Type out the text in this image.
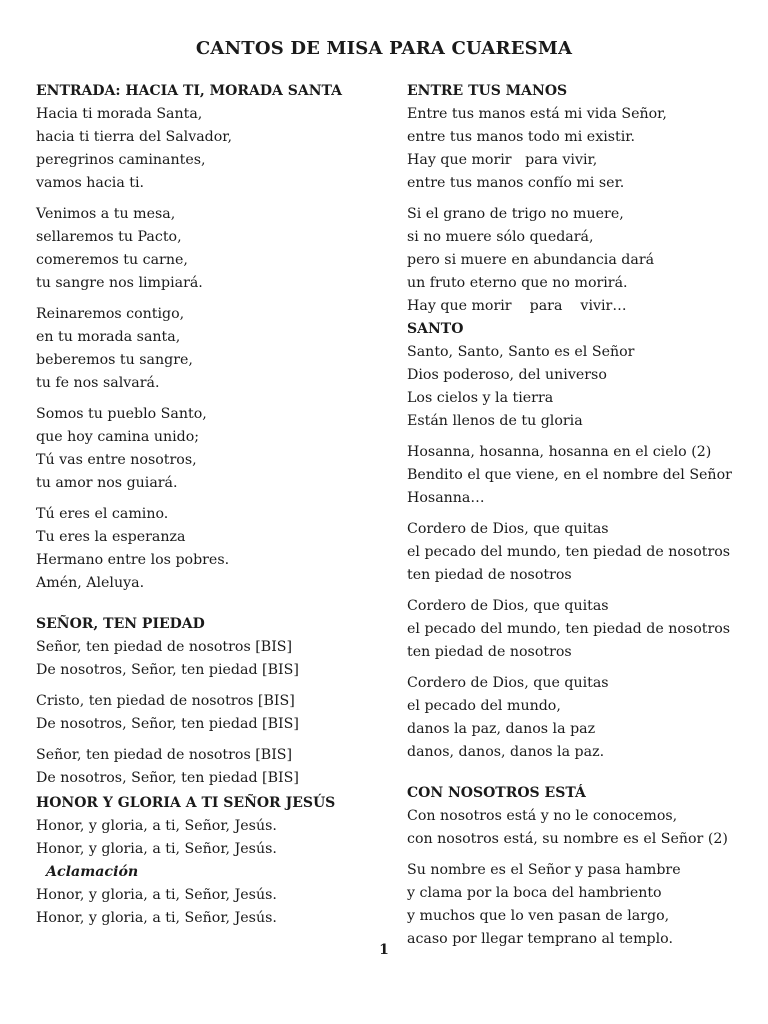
CANTOS DE MISA PARA CUARESMA
ENTRADA: HACIA TI, MORADA SANTA
Hacia ti morada Santa,
hacia ti tierra del Salvador,
peregrinos caminantes,
vamos hacia ti.
Venimos a tu mesa,
sellaremos tu Pacto,
comeremos tu carne,
tu sangre nos limpiará.
Reinaremos contigo,
en tu morada santa,
beberemos tu sangre,
tu fe nos salvará.
Somos tu pueblo Santo,
que hoy camina unido;
Tú vas entre nosotros,
tu amor nos guiará.
Tú eres el camino.
Tu eres la esperanza
Hermano entre los pobres.
Amén, Aleluya.
SEÑOR, TEN PIEDAD
Señor, ten piedad de nosotros [BIS]
De nosotros, Señor, ten piedad [BIS]
Cristo, ten piedad de nosotros [BIS]
De nosotros, Señor, ten piedad [BIS]
Señor, ten piedad de nosotros [BIS]
De nosotros, Señor, ten piedad [BIS]
HONOR Y GLORIA A TI SEÑOR JESÚS
Honor, y gloria, a ti, Señor, Jesús.
Honor, y gloria, a ti, Señor, Jesús.
Aclamación
Honor, y gloria, a ti, Señor, Jesús.
Honor, y gloria, a ti, Señor, Jesús.
ENTRE TUS MANOS
Entre tus manos está mi vida Señor,
entre tus manos todo mi existir.
Hay que morir   para vivir,
entre tus manos confío mi ser.
Si el grano de trigo no muere,
si no muere sólo quedará,
pero si muere en abundancia dará
un fruto eterno que no morirá.
Hay que morir    para    vivir…
SANTO
Santo, Santo, Santo es el Señor
Dios poderoso, del universo
Los cielos y la tierra
Están llenos de tu gloria
Hosanna, hosanna, hosanna en el cielo (2)
Bendito el que viene, en el nombre del Señor
Hosanna…
Cordero de Dios, que quitas
el pecado del mundo, ten piedad de nosotros
ten piedad de nosotros
Cordero de Dios, que quitas
el pecado del mundo, ten piedad de nosotros
ten piedad de nosotros
Cordero de Dios, que quitas
el pecado del mundo,
danos la paz, danos la paz
danos, danos, danos la paz.
CON NOSOTROS ESTÁ
Con nosotros está y no le conocemos,
con nosotros está, su nombre es el Señor (2)
Su nombre es el Señor y pasa hambre
y clama por la boca del hambriento
y muchos que lo ven pasan de largo,
acaso por llegar temprano al templo.
1
